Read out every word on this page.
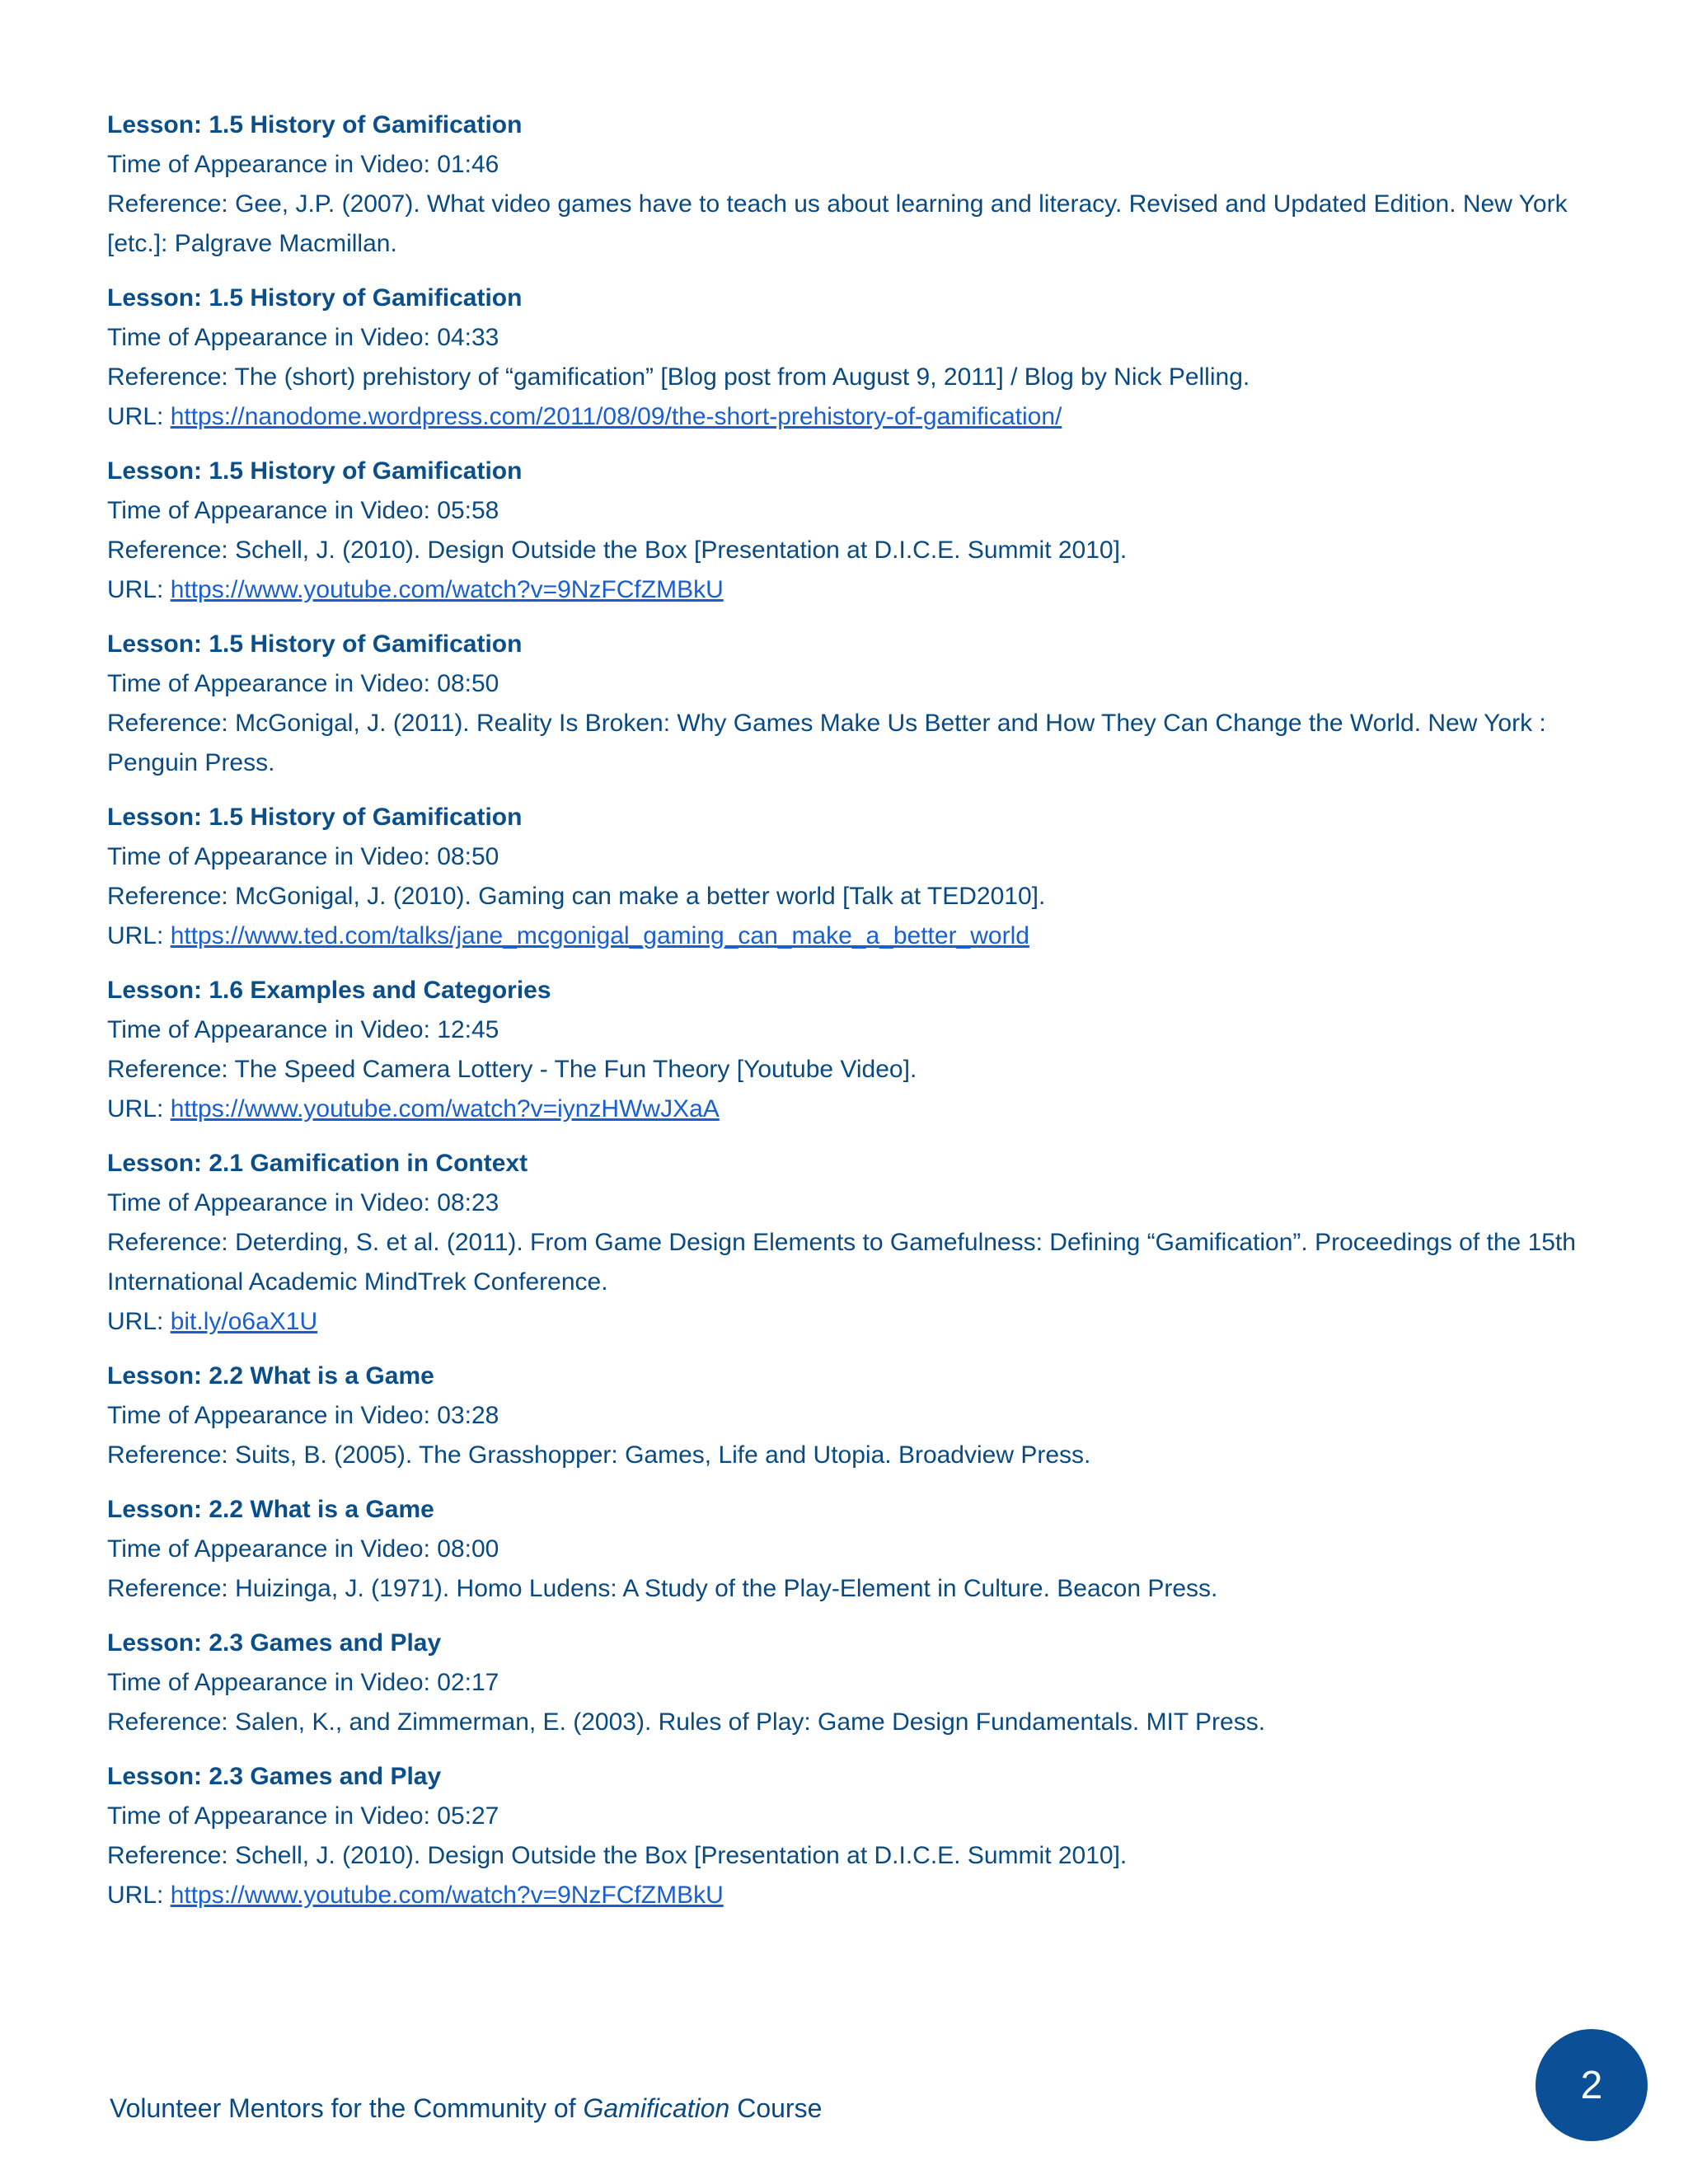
Lesson: 1.5 History of Gamification

Time of Appearance in Video: 01:46

Reference: Gee, J.P. (2007). What video games have to teach us about learning and literacy. Revised and Updated Edition. New York [etc.]: Palgrave Macmillan.

Lesson: 1.5 History of Gamification

Time of Appearance in Video: 04:33

Reference: The (short) prehistory of “gamification” [Blog post from August 9, 2011] / Blog by Nick Pelling.

URL: https://nanodome.wordpress.com/2011/08/09/the-short-prehistory-of-gamification/

Lesson: 1.5 History of Gamification

Time of Appearance in Video: 05:58

Reference: Schell, J. (2010). Design Outside the Box [Presentation at D.I.C.E. Summit 2010].

URL: https://www.youtube.com/watch?v=9NzFCfZMBkU

Lesson: 1.5 History of Gamification

Time of Appearance in Video: 08:50

Reference: McGonigal, J. (2011). Reality Is Broken: Why Games Make Us Better and How They Can Change the World. New York : Penguin Press.

Lesson: 1.5 History of Gamification

Time of Appearance in Video: 08:50

Reference: McGonigal, J. (2010). Gaming can make a better world [Talk at TED2010].

URL: https://www.ted.com/talks/jane_mcgonigal_gaming_can_make_a_better_world

Lesson: 1.6 Examples and Categories

Time of Appearance in Video: 12:45

Reference: The Speed Camera Lottery - The Fun Theory [Youtube Video].

URL: https://www.youtube.com/watch?v=iynzHWwJXaA

Lesson: 2.1 Gamification in Context

Time of Appearance in Video: 08:23

Reference: Deterding, S. et al. (2011). From Game Design Elements to Gamefulness: Defining “Gamification”. Proceedings of the 15th International Academic MindTrek Conference.

URL: bit.ly/o6aX1U

Lesson: 2.2 What is a Game

Time of Appearance in Video: 03:28

Reference: Suits, B. (2005). The Grasshopper: Games, Life and Utopia. Broadview Press.

Lesson: 2.2 What is a Game

Time of Appearance in Video: 08:00

Reference: Huizinga, J. (1971). Homo Ludens: A Study of the Play-Element in Culture. Beacon Press.

Lesson: 2.3 Games and Play

Time of Appearance in Video: 02:17

Reference: Salen, K., and Zimmerman, E. (2003). Rules of Play: Game Design Fundamentals. MIT Press.

Lesson: 2.3 Games and Play

Time of Appearance in Video: 05:27

Reference: Schell, J. (2010). Design Outside the Box [Presentation at D.I.C.E. Summit 2010].

URL: https://www.youtube.com/watch?v=9NzFCfZMBkU

Volunteer Mentors for the Community of Gamification Course
2
